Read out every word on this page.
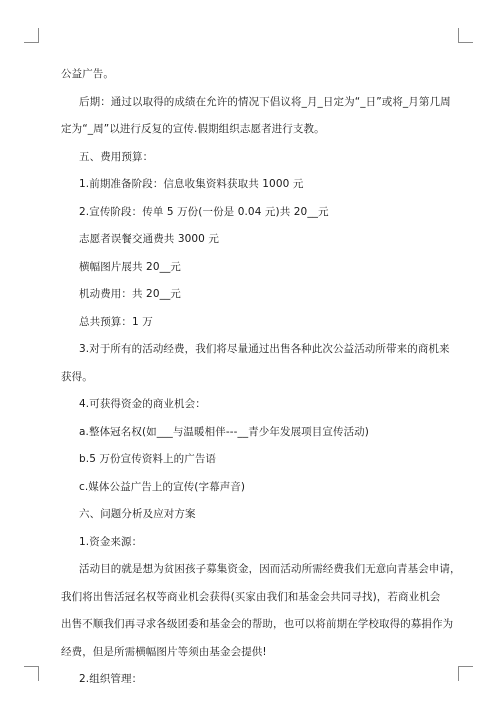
公益广告。
后期：通过以取得的成绩在允许的情况下倡议将_月_日定为“_日”或将_月第几周
定为“_周”以进行反复的宣传.假期组织志愿者进行支教。
五、费用预算：
1.前期准备阶段：信息收集资料获取共 1000 元
2.宣传阶段：传单 5 万份(一份是 0.04 元)共 20__元
志愿者误餐交通费共 3000 元
横幅图片展共 20__元
机动费用：共 20__元
总共预算：1 万
3.对于所有的活动经费，我们将尽量通过出售各种此次公益活动所带来的商机来
获得。
4.可获得资金的商业机会：
a.整体冠名权(如___与温暖相伴---__青少年发展项目宣传活动)
b.5 万份宣传资料上的广告语
c.媒体公益广告上的宣传(字幕声音)
六、问题分析及应对方案
1.资金来源：
活动目的就是想为贫困孩子募集资金，因而活动所需经费我们无意向青基会申请，
我们将出售活冠名权等商业机会获得(买家由我们和基金会共同寻找)，若商业机会
出售不顺我们再寻求各级团委和基金会的帮助，也可以将前期在学校取得的募捐作为
经费，但是所需横幅图片等须由基金会提供!
2.组织管理：
